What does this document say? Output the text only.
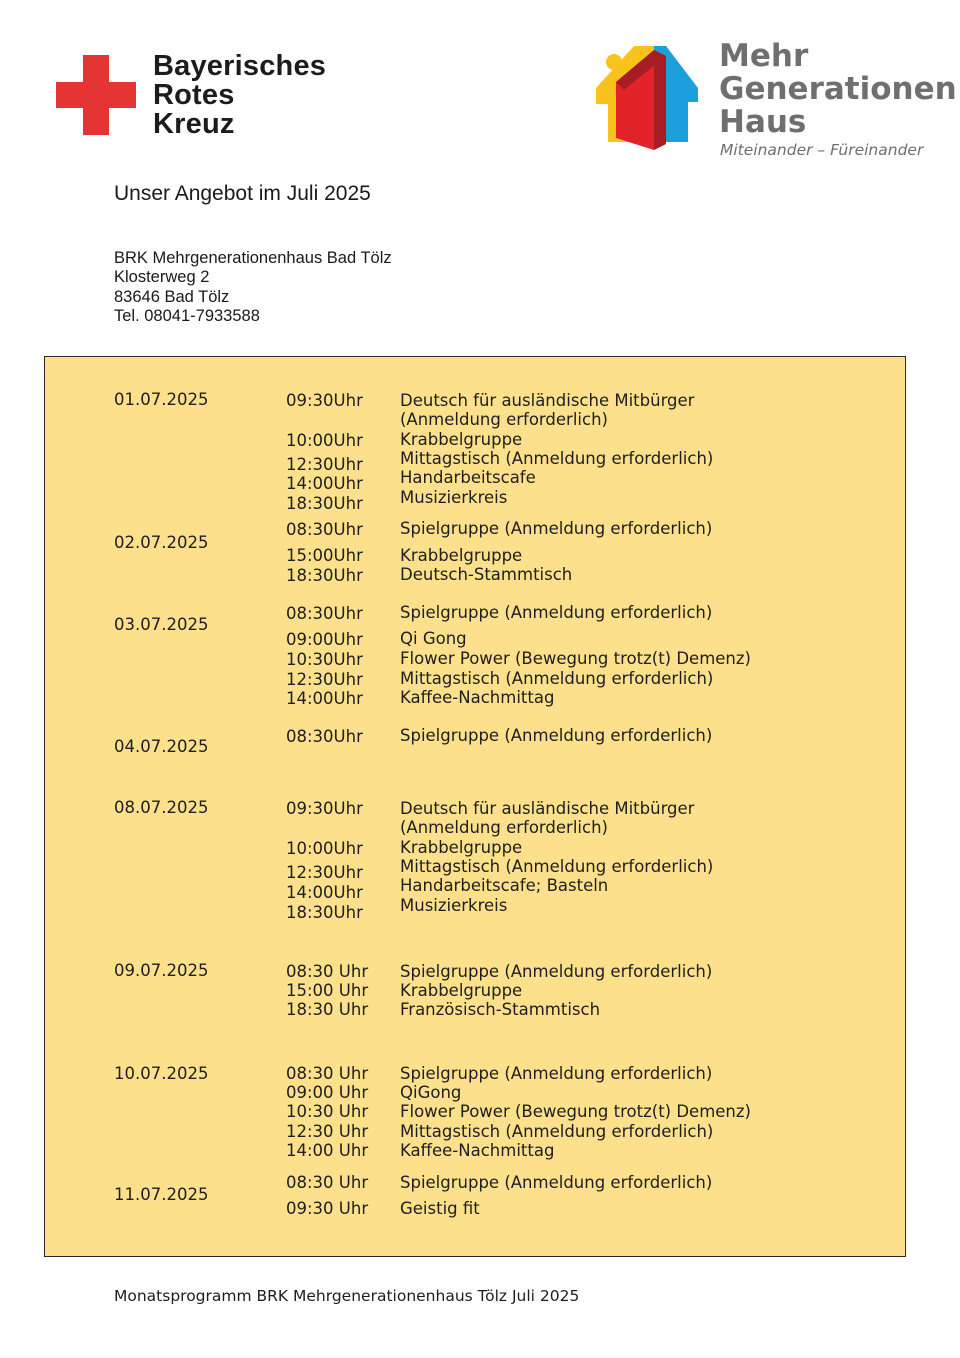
Bayerisches
Rotes
Kreuz
Mehr
Generationen
Haus
Miteinander – Füreinander
Unser Angebot im Juli 2025
BRK Mehrgenerationenhaus Bad Tölz
Klosterweg 2
83646 Bad Tölz
Tel. 08041-7933588
01.07.2025
02.07.2025
03.07.2025
04.07.2025
08.07.2025
09.07.2025
10.07.2025
11.07.2025
09:30Uhr
10:00Uhr
12:30Uhr
14:00Uhr
18:30Uhr
08:30Uhr
15:00Uhr
18:30Uhr
08:30Uhr
09:00Uhr
10:30Uhr
12:30Uhr
14:00Uhr
08:30Uhr
09:30Uhr
10:00Uhr
12:30Uhr
14:00Uhr
18:30Uhr
08:30 Uhr
15:00 Uhr
18:30 Uhr
08:30 Uhr
09:00 Uhr
10:30 Uhr
12:30 Uhr
14:00 Uhr
08:30 Uhr
09:30 Uhr
Deutsch für ausländische Mitbürger
(Anmeldung erforderlich)
Krabbelgruppe
Mittagstisch (Anmeldung erforderlich)
Handarbeitscafe
Musizierkreis
Spielgruppe (Anmeldung erforderlich)
Krabbelgruppe
Deutsch-Stammtisch
Spielgruppe (Anmeldung erforderlich)
Qi Gong
Flower Power (Bewegung trotz(t) Demenz)
Mittagstisch (Anmeldung erforderlich)
Kaffee-Nachmittag
Spielgruppe (Anmeldung erforderlich)
Deutsch für ausländische Mitbürger
(Anmeldung erforderlich)
Krabbelgruppe
Mittagstisch (Anmeldung erforderlich)
Handarbeitscafe; Basteln
Musizierkreis
Spielgruppe (Anmeldung erforderlich)
Krabbelgruppe
Französisch-Stammtisch
Spielgruppe (Anmeldung erforderlich)
QiGong
Flower Power (Bewegung trotz(t) Demenz)
Mittagstisch (Anmeldung erforderlich)
Kaffee-Nachmittag
Spielgruppe (Anmeldung erforderlich)
Geistig fit
Monatsprogramm BRK Mehrgenerationenhaus Tölz Juli 2025
